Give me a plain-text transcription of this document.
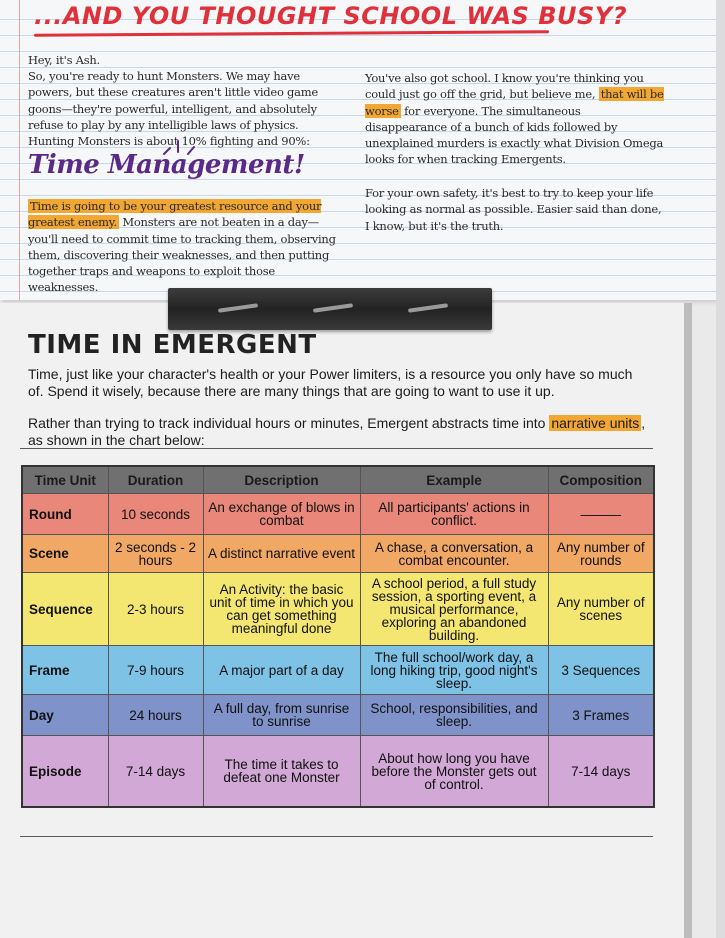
...AND YOU THOUGHT SCHOOL WAS BUSY?

Hey, it's Ash.

So, you're ready to hunt Monsters. We may have powers, but these creatures aren't little video game goons—they're powerful, intelligent, and absolutely refuse to play by any intelligible laws of physics. Hunting Monsters is about 10% fighting and 90%:

Time Management!

Time is going to be your greatest resource and your greatest enemy. Monsters are not beaten in a day—you'll need to commit time to tracking them, observing them, discovering their weaknesses, and then putting together traps and weapons to exploit those weaknesses.

You've also got school. I know you're thinking you could just go off the grid, but believe me, that will be worse for everyone. The simultaneous disappearance of a bunch of kids followed by unexplained murders is exactly what Division Omega looks for when tracking Emergents.

For your own safety, it's best to try to keep your life looking as normal as possible. Easier said than done, I know, but it's the truth.

TIME IN EMERGENT

Time, just like your character's health or your Power limiters, is a resource you only have so much of. Spend it wisely, because there are many things that are going to want to use it up.

Rather than trying to track individual hours or minutes, Emergent abstracts time into narrative units , as shown in the chart below:

Time Unit	Duration	Description	Example	Composition
Round	10 seconds	An exchange of blows in combat	All participants' actions in conflict.	———
Scene	2 seconds - 2 hours	A distinct narrative event	A chase, a conversation, a combat encounter.	Any number of rounds
Sequence	2-3 hours	An Activity: the basic unit of time in which you can get something meaningful done	A school period, a full study session, a sporting event, a musical performance, exploring an abandoned building.	Any number of scenes
Frame	7-9 hours	A major part of a day	The full school/work day, a long hiking trip, good night's sleep.	3 Sequences
Day	24 hours	A full day, from sunrise to sunrise	School, responsibilities, and sleep.	3 Frames
Episode	7-14 days	The time it takes to defeat one Monster	About how long you have before the Monster gets out of control.	7-14 days
